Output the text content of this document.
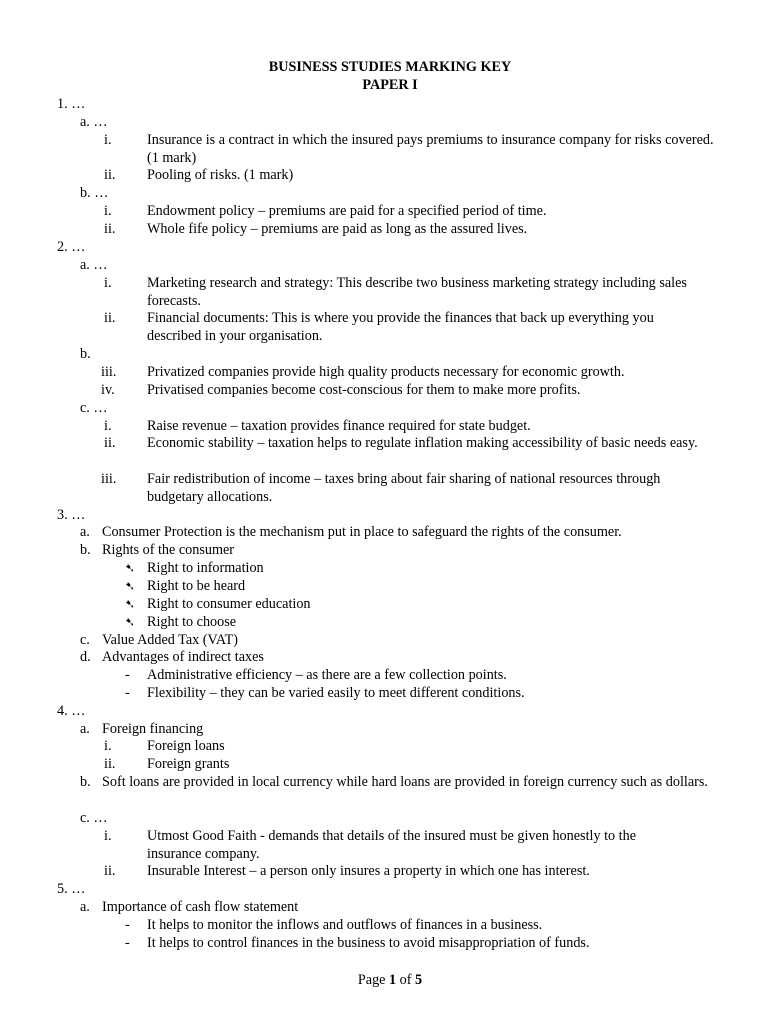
BUSINESS STUDIES MARKING KEY
PAPER I
1. …
a. …
i.	Insurance is a contract in which the insured pays premiums to insurance company for risks covered. (1 mark)
ii. Pooling of risks. (1 mark)
b. …
i.	Endowment policy – premiums are paid for a specified period of time.
ii. Whole fife policy – premiums are paid as long as the assured lives.
2. …
a. …
i.	Marketing research and strategy: This describe two business marketing strategy including sales forecasts.
ii. Financial documents: This is where you provide the finances that back up everything you described in your organisation.
b.
iii. Privatized companies provide high quality products necessary for economic growth.
iv. Privatised companies become cost-conscious for them to make more profits.
c. …
i.	Raise revenue – taxation provides finance required for state budget.
ii. Economic stability – taxation helps to regulate inflation making accessibility of basic needs easy.
iii. Fair redistribution of income – taxes bring about fair sharing of national resources through budgetary allocations.
3. …
a. Consumer Protection is the mechanism put in place to safeguard the rights of the consumer.
b. Rights of the consumer
➷ Right to information
➷ Right to be heard
➷ Right to consumer education
➷ Right to choose
c. Value Added Tax (VAT)
d. Advantages of indirect taxes
- Administrative efficiency – as there are a few collection points.
- Flexibility – they can be varied easily to meet different conditions.
4. …
a. Foreign financing
i.	Foreign loans
ii. Foreign grants
b. Soft loans are provided in local currency while hard loans are provided in foreign currency such as dollars.
c. …
i.	Utmost Good Faith - demands that details of the insured must be given honestly to the insurance company.
ii. Insurable Interest – a person only insures a property in which one has interest.
5. …
a. Importance of cash flow statement
- It helps to monitor the inflows and outflows of finances in a business.
- It helps to control finances in the business to avoid misappropriation of funds.
Page 1 of 5
